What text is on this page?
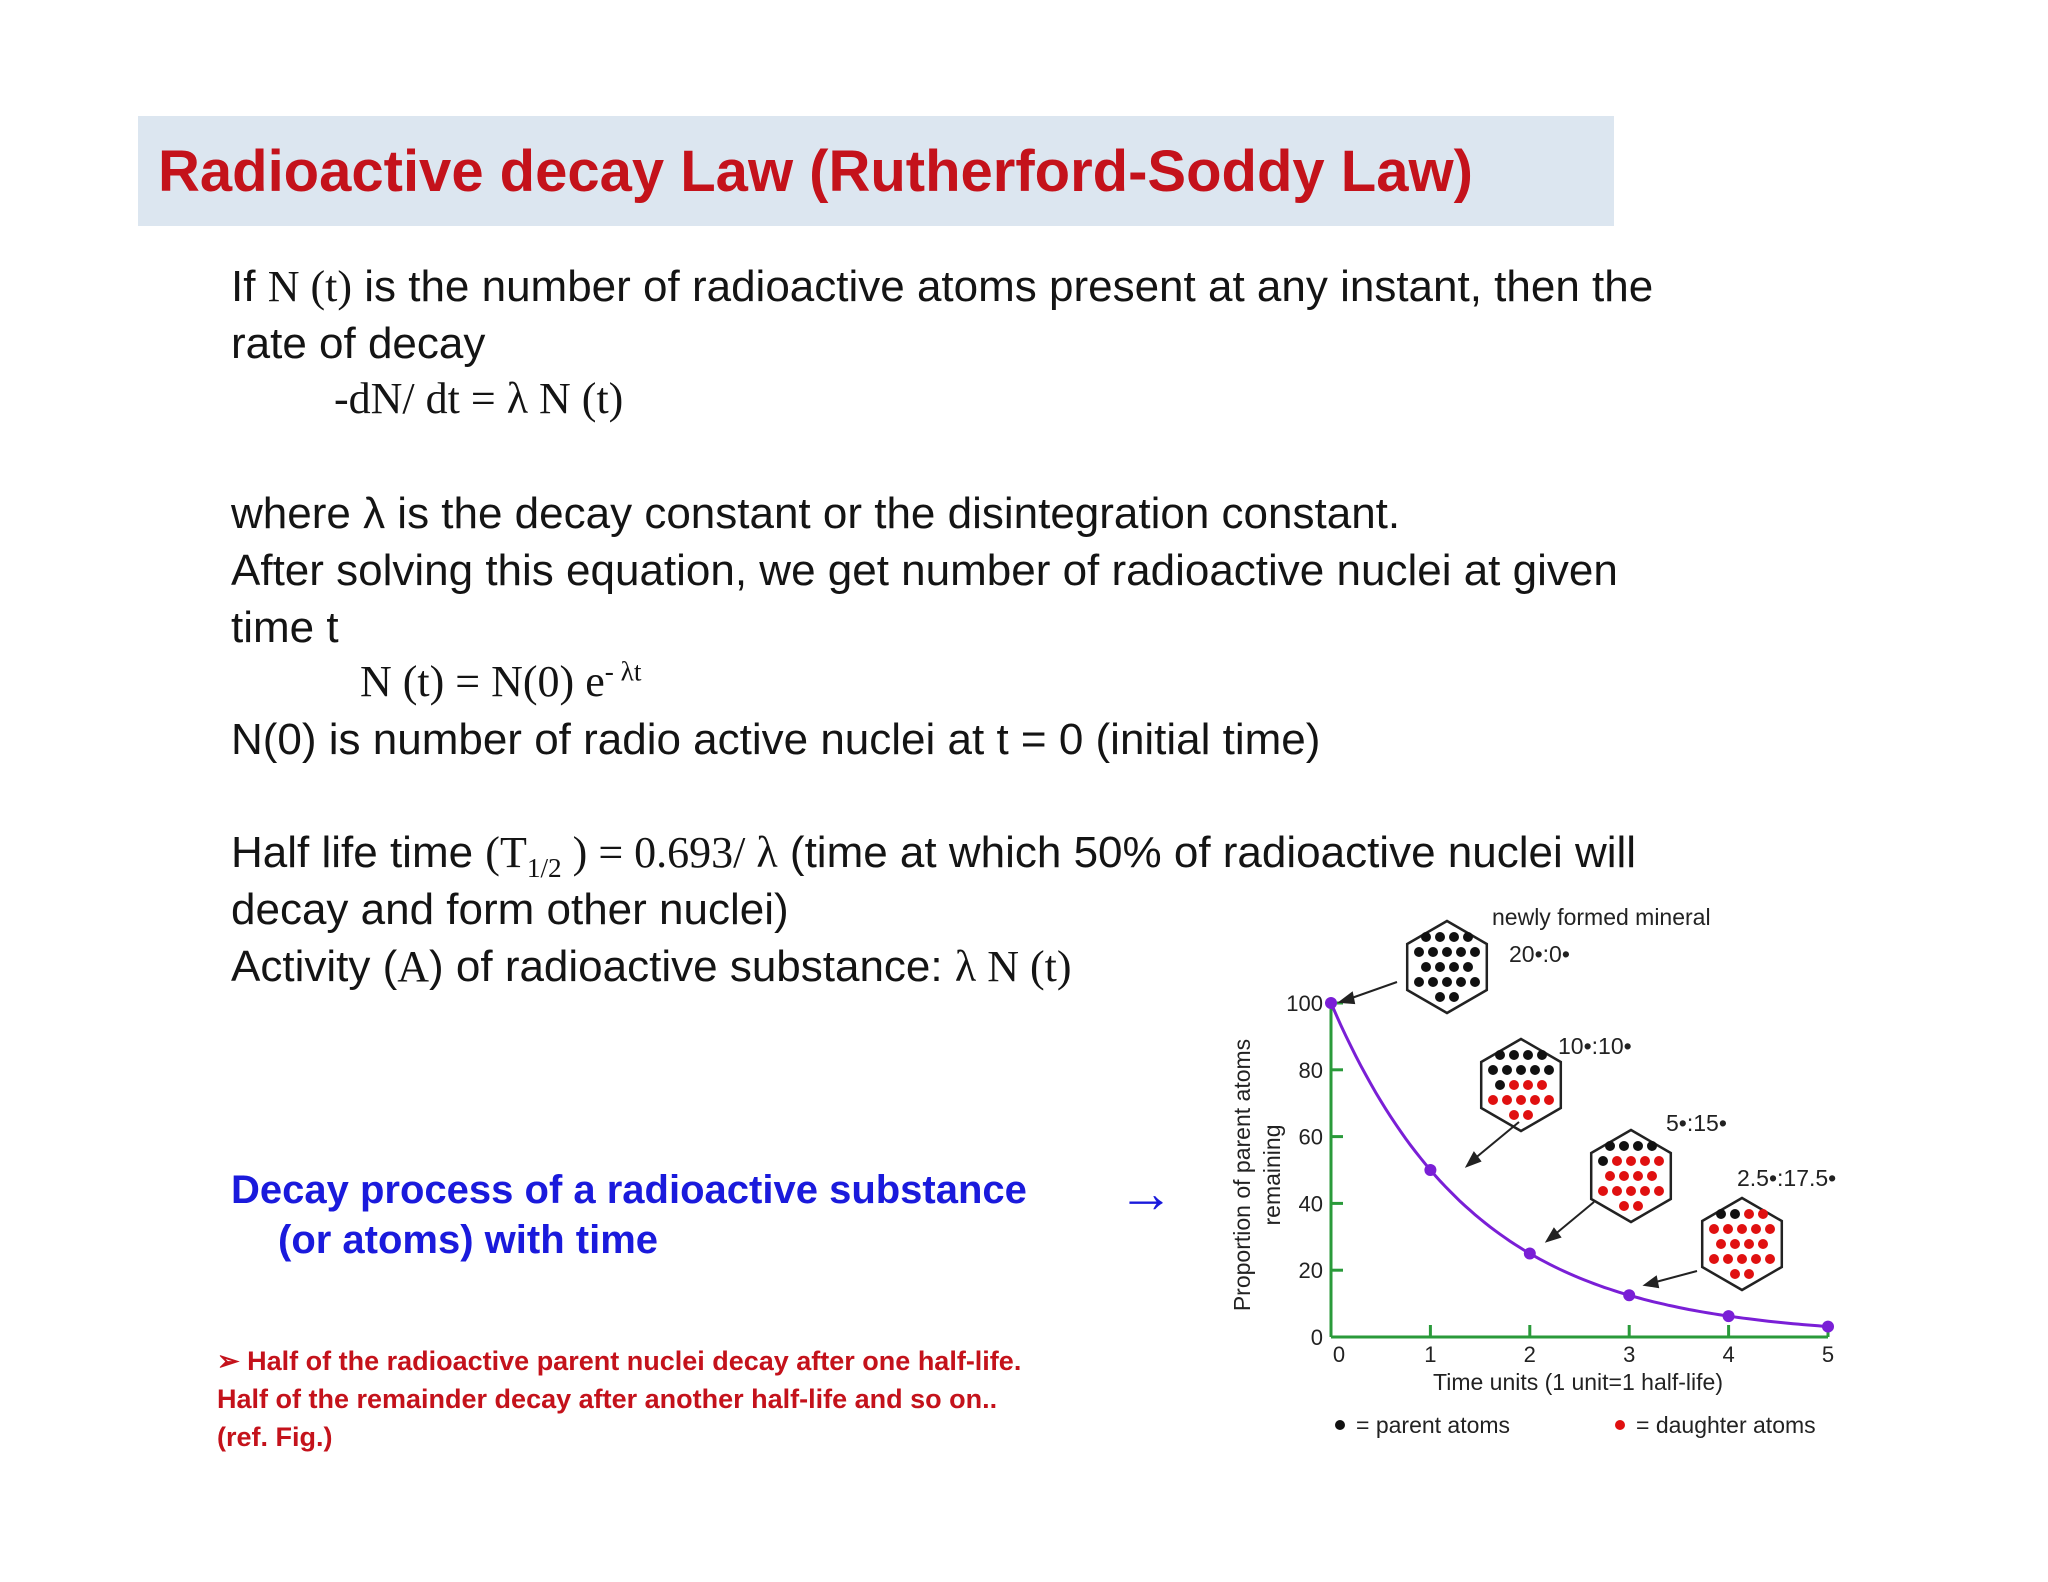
Radioactive decay Law (Rutherford-Soddy Law)
If N (t) is the number of radioactive atoms present at any instant, then the
rate of decay
-dN/ dt = λ N (t)
where λ is the decay constant or the disintegration constant.
After solving this equation, we get number of radioactive nuclei at given
time t
N (t) = N(0) $e^{- \lambda t}$
N(0) is number of radio active nuclei at t = 0 (initial time)
Half life time ($T_{1/2}$ ) = 0.693/ λ (time at which 50% of radioactive nuclei will
decay and form other nuclei)
Activity (A) of radioactive substance: λ N (t)
Decay process of a radioactive substance
(or atoms) with time
→
➢ Half of the radioactive parent nuclei decay after one half-life.
Half of the remainder decay after another half-life and so on..
(ref. Fig.)
0
20
40
60
80
100
0	1	2	3	4	5
Proportion of parent atoms remaining
Time units (1 unit=1 half-life)
newly formed mineral
20•:0•
10•:10•
5•:15•
2.5•:17.5•
= parent atoms	= daughter atoms
